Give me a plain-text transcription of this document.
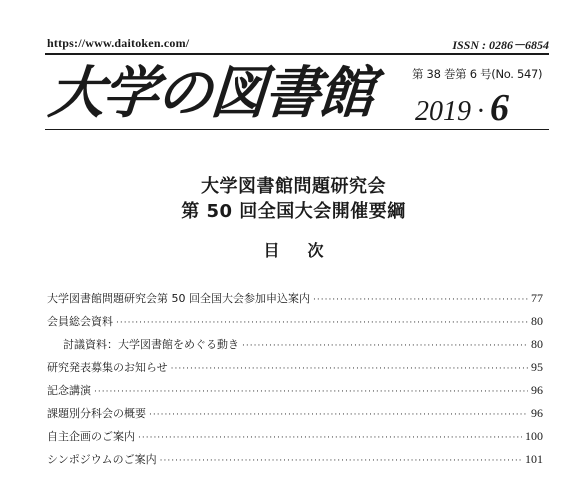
https://www.daitoken.com/	ISSN : 0286－6854
大学の図書館	第 38 巻第 6 号(No. 547)
2019 · 6
大学図書館問題研究会
第 50 回全国大会開催要綱
目次
大学図書館問題研究会第 50 回全国大会参加申込案内 ·····	77
会員総会資料 ·····	80
討議資料：大学図書館をめぐる動き ·····	80
研究発表募集のお知らせ ·····	95
記念講演 ·····	96
課題別分科会の概要 ·····	96
自主企画のご案内 ·····	100
シンポジウムのご案内 ·····	101
